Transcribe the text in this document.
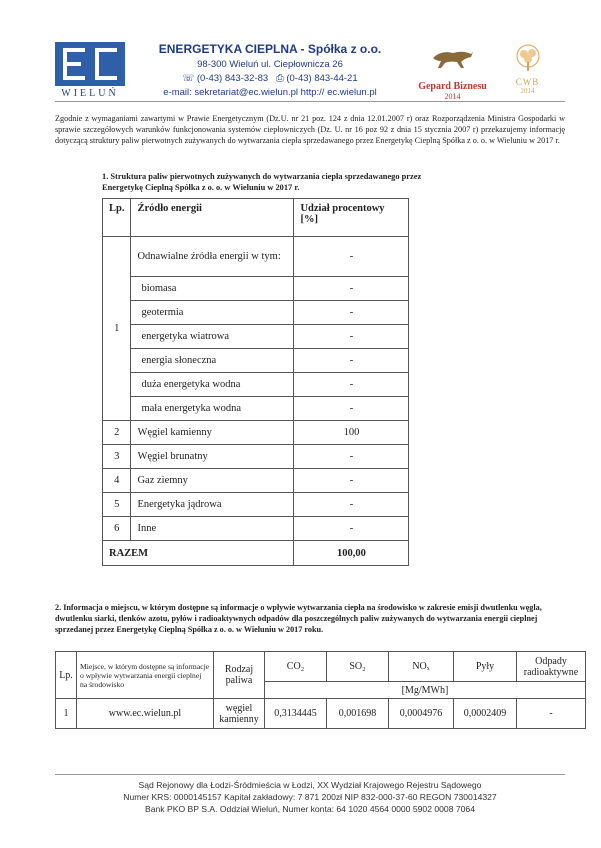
WIELUŃ
ENERGETYKA CIEPLNA - Spółka z o.o.
98-300 Wieluń ul. Ciepłownicza 26
☏ (0-43) 843-32-83 ⎙ (0-43) 843-44-21
e-mail: sekretariat@ec.wielun.pl http:// ec.wielun.pl
Gepard Biznesu
2014
CWB
2014
Zgodnie z wymaganiami zawartymi w Prawie Energetycznym (Dz.U. nr 21 poz. 124 z dnia 12.01.2007 r) oraz Rozporządzenia Ministra Gospodarki w sprawie szczegółowych warunków funkcjonowania systemów ciepłowniczych (Dz. U. nr 16 poz 92 z dnia 15 stycznia 2007 r) przekazujemy informację dotyczącą struktury paliw pierwotnych zużywanych do wytwarzania ciepła sprzedawanego przez Energetykę Cieplną Spółka z o. o. w Wieluniu w 2017 r.
1. Struktura paliw pierwotnych zużywanych do wytwarzania ciepła sprzedawanego przez Energetykę Cieplną Spółka z o. o. w Wieluniu w 2017 r.
Lp.	Źródło energii	Udział procentowy [%]
1	Odnawialne źródła energii w tym:	-
	biomasa	-
	geotermia	-
	energetyka wiatrowa	-
	energia słoneczna	-
	duża energetyka wodna	-
	mała energetyka wodna	-
2	Węgiel kamienny	100
3	Węgiel brunatny	-
4	Gaz ziemny	-
5	Energetyka jądrowa	-
6	Inne	-
RAZEM		100,00
2. Informacja o miejscu, w którym dostępne są informacje o wpływie wytwarzania ciepła na środowisko w zakresie emisji dwutlenku węgla, dwutlenku siarki, tlenków azotu, pyłów i radioaktywnych odpadów dla poszczególnych paliw zużywanych do wytwarzania energii cieplnej sprzedanej przez Energetykę Cieplną Spółka z o. o. w Wieluniu w 2017 roku.
Lp.	Miejsce, w którym dostępne są informacje o wpływie wytwarzania energii cieplnej na środowisko	Rodzaj paliwa	CO₂	SO₂	NOₓ	Pyły	Odpady radioaktywne
			[Mg/MWh]				
1	www.ec.wielun.pl	węgiel kamienny	0,3134445	0,001698	0,0004976	0,0002409	-
Sąd Rejonowy dla Łodzi-Śródmieścia w Łodzi, XX Wydział Krajowego Rejestru Sądowego
Numer KRS: 0000145157 Kapitał zakładowy: 7 871 200zł NIP 832-000-37-60 REGON 730014327
Bank PKO BP S.A. Oddział Wieluń, Numer konta: 64 1020 4564 0000 5902 0008 7064
